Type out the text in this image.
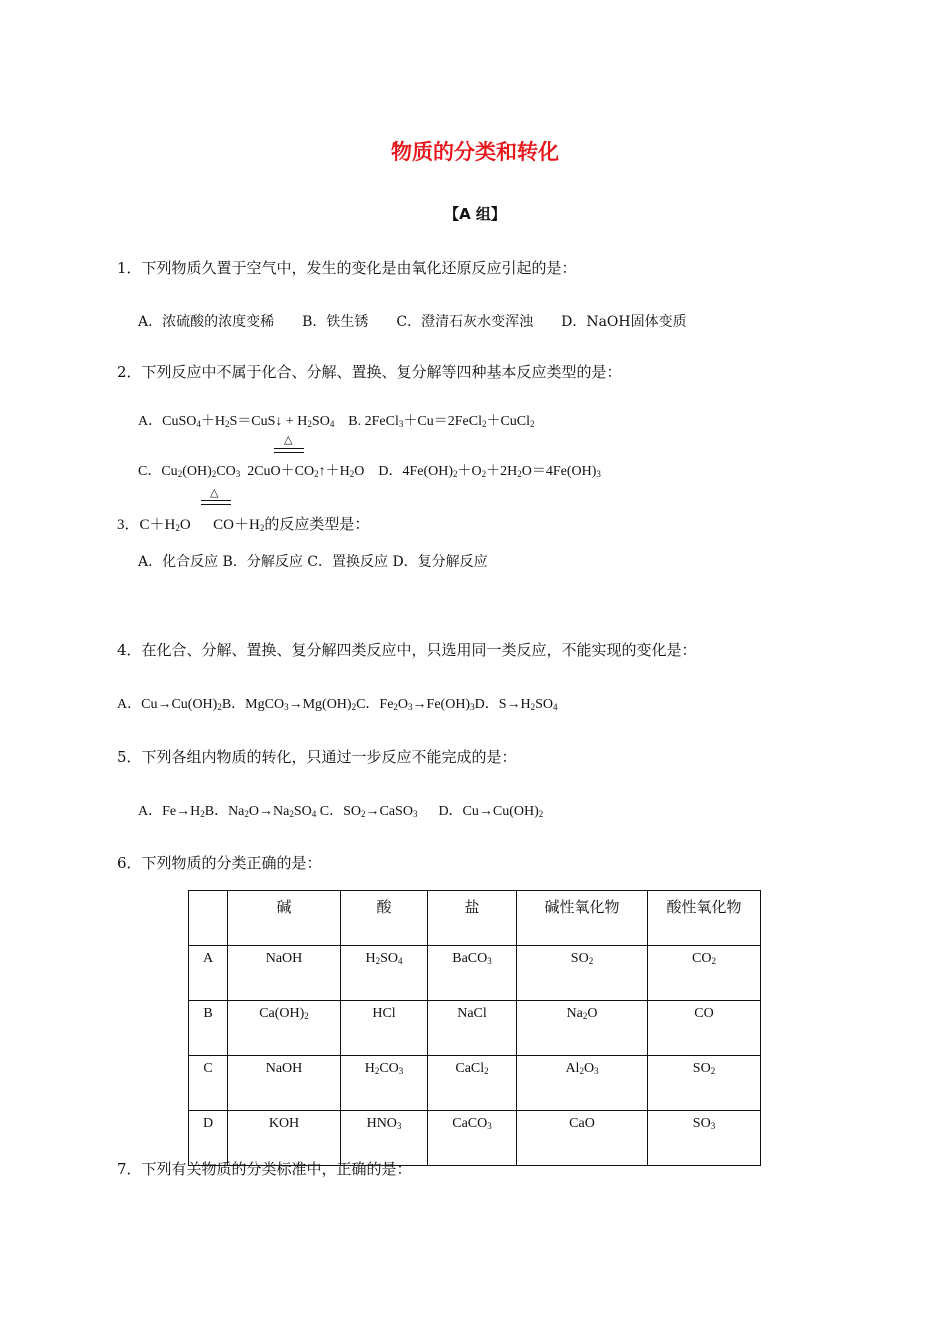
物质的分类和转化
【A 组】
1．下列物质久置于空气中，发生的变化是由氧化还原反应引起的是：
A．浓硫酸的浓度变稀　　B．铁生锈　　C．澄清石灰水变浑浊　　D．NaOH固体变质
2．下列反应中不属于化合、分解、置换、复分解等四种基本反应类型的是：
A．$CuSO_4+H_2S=CuS↓ + H_2SO_4$　B. 2FeCl$_3$＋Cu＝2FeCl$_2$＋CuCl$_2$
△
C．$Cu_2(OH)_2CO_3$  $2CuO+CO_2↑+H_2O$　D．$4Fe(OH)_2+O_2+2H_2O=4Fe(OH)_3$
△
3．$C+H_2O$      $CO+H_2$的反应类型是：
A．化合反应 B．分解反应 C．置换反应 D．复分解反应
4．在化合、分解、置换、复分解四类反应中，只选用同一类反应，不能实现的变化是：
A．$Cu\to Cu(OH)_2B$．$MgCO_3\to Mg(OH)_2C$．$Fe_2O_3\to Fe(OH)_3D$．$S\to H_2SO_4$
5．下列各组内物质的转化，只通过一步反应不能完成的是：
A．$Fe\to H_2B$．$Na_2O\to Na_2SO_4$ C．$SO_2\to CaSO_3$      D．$Cu\to Cu(OH)_2$
6．下列物质的分类正确的是：
	碱	酸	盐	碱性氧化物	酸性氧化物
A	NaOH	$H_2SO_4$	BaCO$_3$	$SO_2$	$CO_2$
B	$Ca(OH)_2$	HCl	NaCl	$Na_2O$	CO
C	NaOH	$H_2CO_3$	CaCl$_2$	$Al_2O_3$	$SO_2$
D	KOH	$HNO_3$	CaCO$_3$	CaO	$SO_3$
7．下列有关物质的分类标准中，正确的是：
